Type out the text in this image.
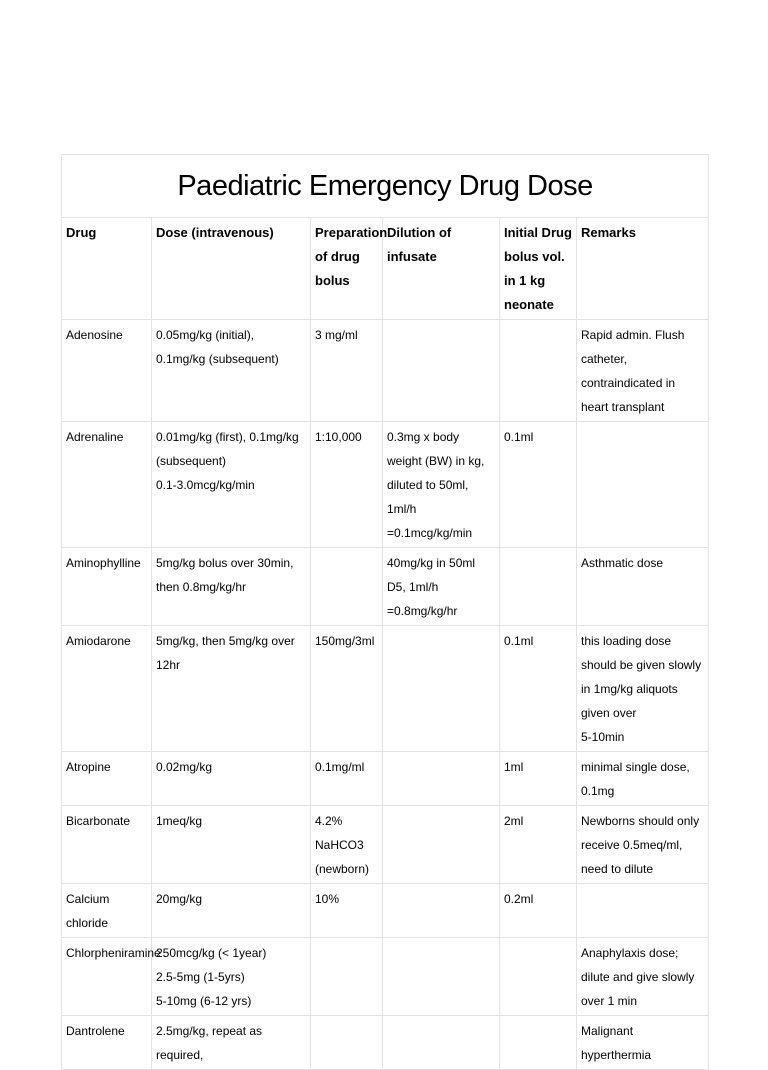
Paediatric Emergency Drug Dose					
Drug	Dose (intravenous)	Preparation of drug bolus	Dilution of infusate	Initial Drug bolus vol. in 1 kg neonate	Remarks

Adenosine	0.05mg/kg (initial), 0.1mg/kg (subsequent)	3 mg/ml			Rapid admin. Flush catheter, contraindicated in heart transplant

Adrenaline	0.01mg/kg (first), 0.1mg/kg (subsequent)
0.1-3.0mcg/kg/min	1:10,000	0.3mg x body weight (BW) in kg, diluted to 50ml, 1ml/h =0.1mcg/kg/min	0.1ml	

Aminophylline	5mg/kg bolus over 30min, then 0.8mg/kg/hr		40mg/kg in 50ml D5, 1ml/h =0.8mg/kg/hr		Asthmatic dose

Amiodarone	5mg/kg, then 5mg/kg over 12hr	150mg/3ml		0.1ml	this loading dose should be given slowly in 1mg/kg aliquots given over
5-10min

Atropine	0.02mg/kg	0.1mg/ml		1ml	minimal single dose, 0.1mg

Bicarbonate	1meq/kg	4.2% NaHCO3 (newborn)		2ml	Newborns should only receive 0.5meq/ml, need to dilute

Calcium chloride	20mg/kg	10%		0.2ml	

Chlorpheniramine	250mcg/kg (< 1year)
2.5-5mg (1-5yrs)
5-10mg (6-12 yrs)				Anaphylaxis dose; dilute and give slowly over 1 min

Dantrolene	2.5mg/kg, repeat as required,				Malignant hyperthermia
